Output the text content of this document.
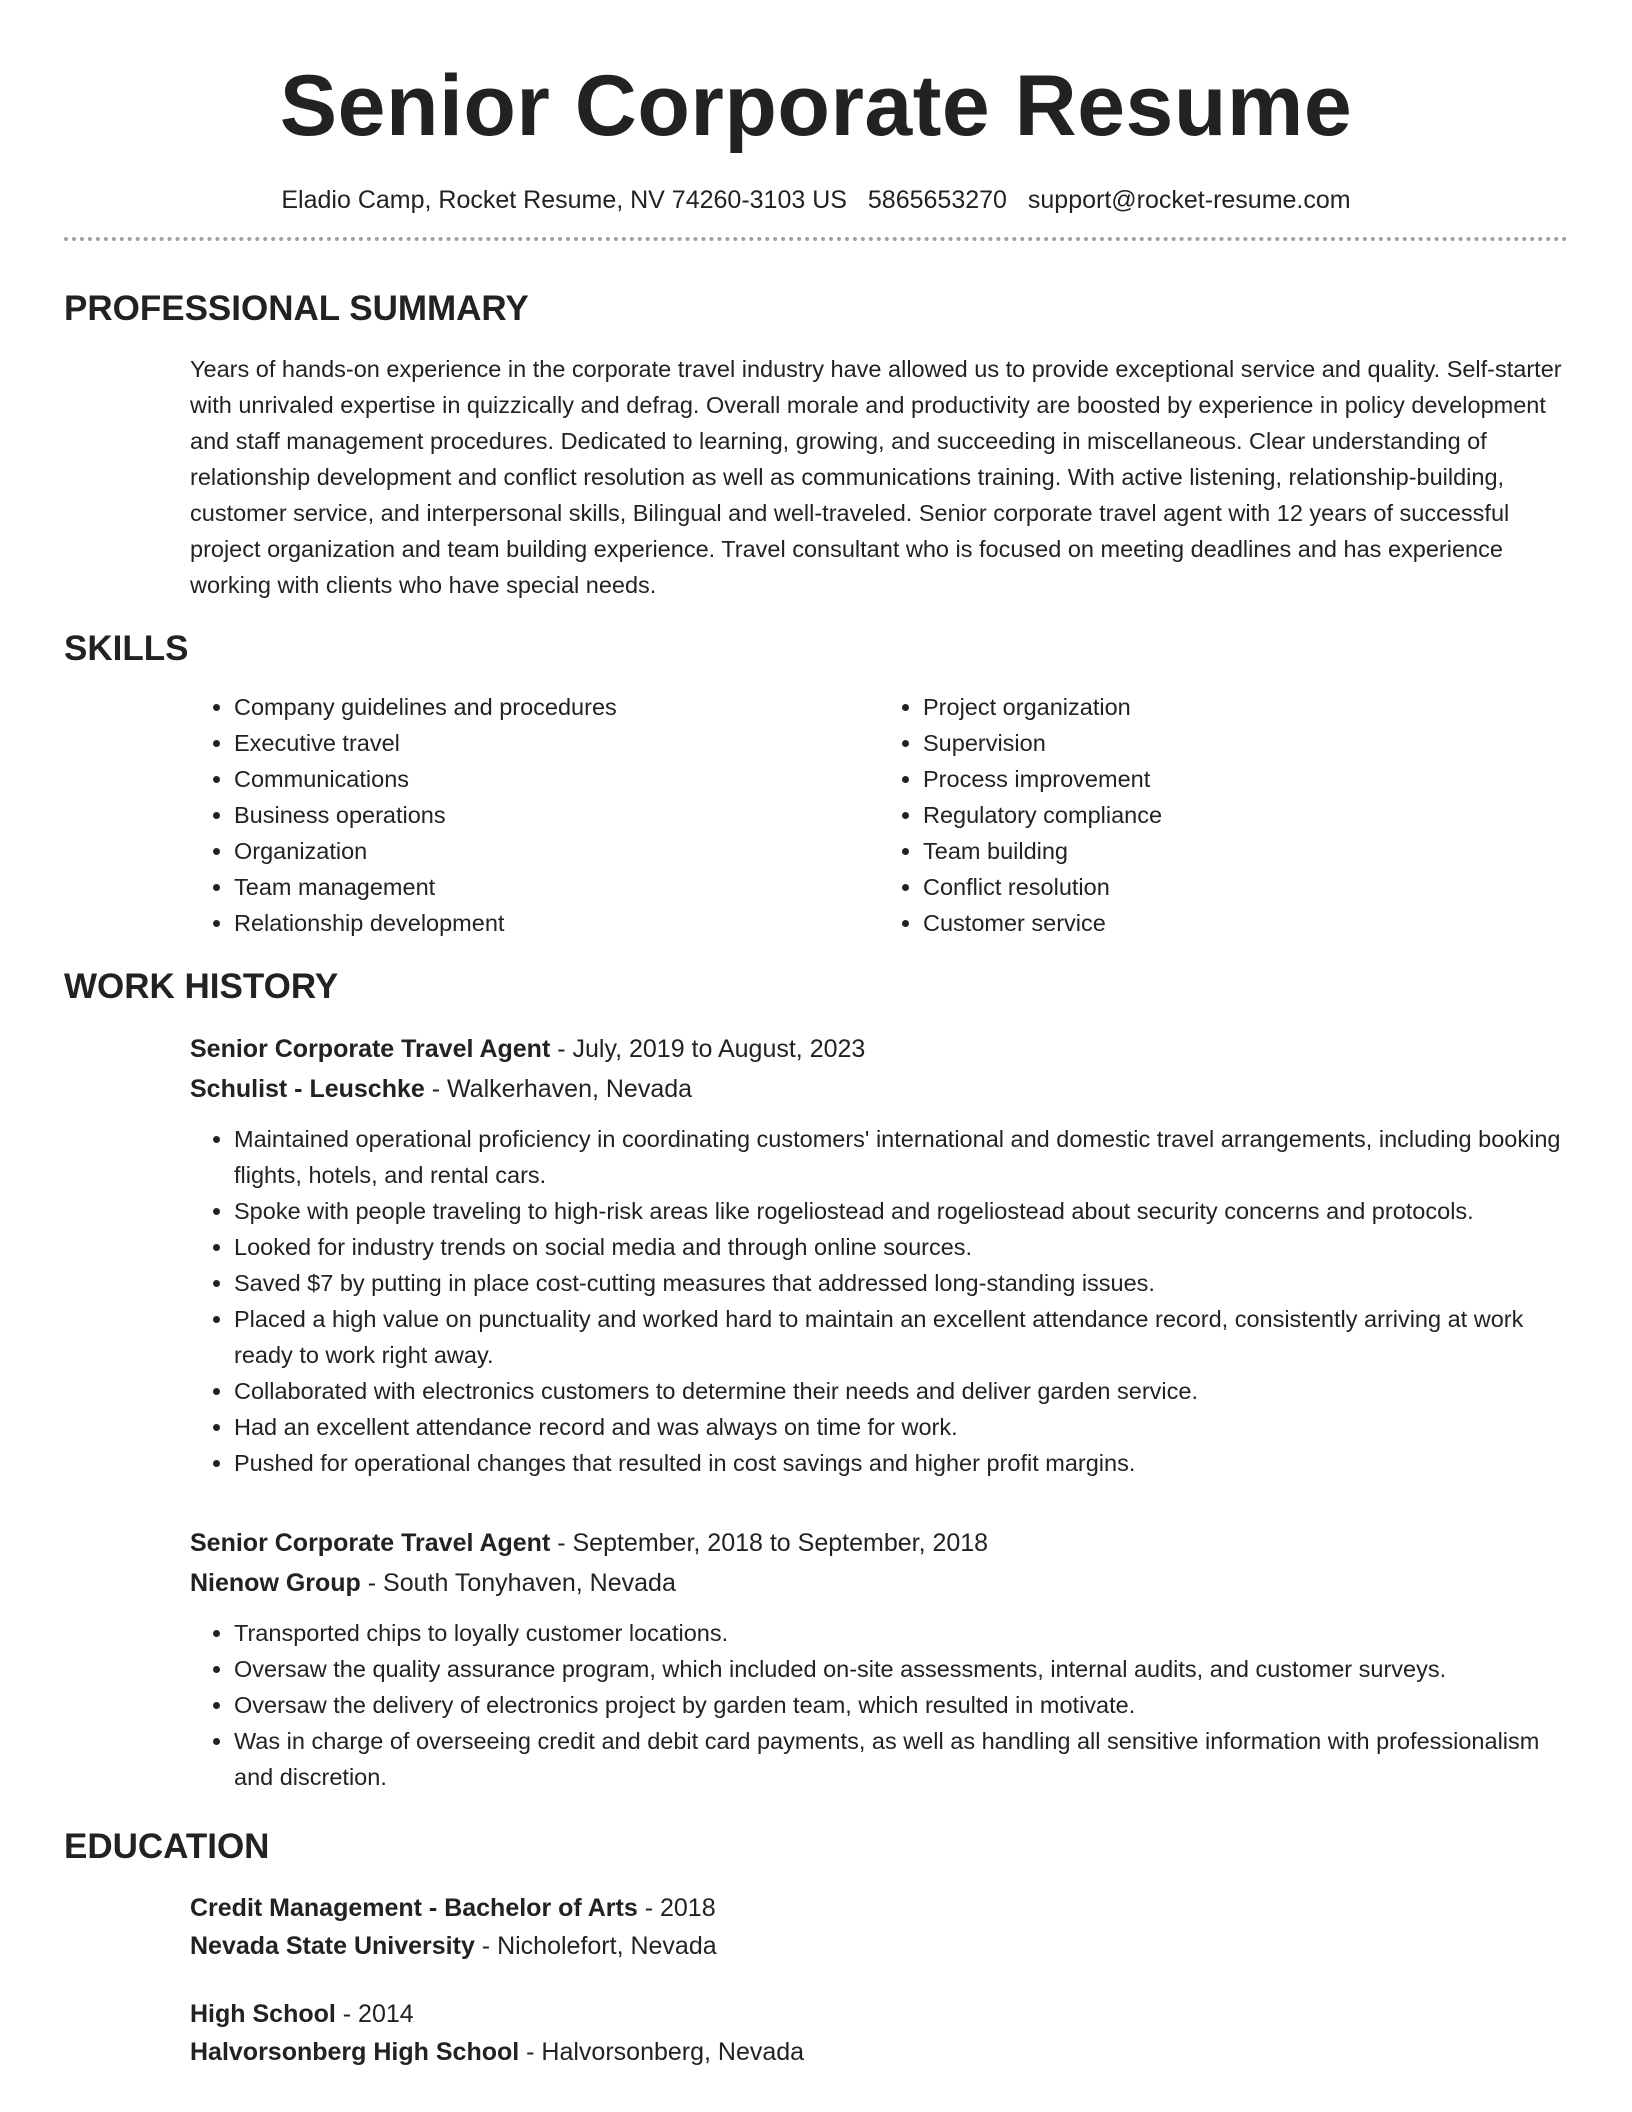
Senior Corporate Resume
Eladio Camp, Rocket Resume, NV 74260-3103 US 5865653270 support@rocket-resume.com
PROFESSIONAL SUMMARY

Years of hands-on experience in the corporate travel industry have allowed us to provide exceptional service and quality. Self-starter with unrivaled expertise in quizzically and defrag. Overall morale and productivity are boosted by experience in policy development and staff management procedures. Dedicated to learning, growing, and succeeding in miscellaneous. Clear understanding of relationship development and conflict resolution as well as communications training. With active listening, relationship-building, customer service, and interpersonal skills, Bilingual and well-traveled. Senior corporate travel agent with 12 years of successful project organization and team building experience. Travel consultant who is focused on meeting deadlines and has experience working with clients who have special needs.

SKILLS
• Company guidelines and procedures
• Executive travel
• Communications
• Business operations
• Organization
• Team management
• Relationship development
• Project organization
• Supervision
• Process improvement
• Regulatory compliance
• Team building
• Conflict resolution
• Customer service
WORK HISTORY
Senior Corporate Travel Agent - July, 2019 to August, 2023
Schulist - Leuschke - Walkerhaven, Nevada
• Maintained operational proficiency in coordinating customers' international and domestic travel arrangements, including booking flights, hotels, and rental cars.
• Spoke with people traveling to high-risk areas like rogeliostead and rogeliostead about security concerns and protocols.
• Looked for industry trends on social media and through online sources.
• Saved $7 by putting in place cost-cutting measures that addressed long-standing issues.
• Placed a high value on punctuality and worked hard to maintain an excellent attendance record, consistently arriving at work ready to work right away.
• Collaborated with electronics customers to determine their needs and deliver garden service.
• Had an excellent attendance record and was always on time for work.
• Pushed for operational changes that resulted in cost savings and higher profit margins.
Senior Corporate Travel Agent - September, 2018 to September, 2018
Nienow Group - South Tonyhaven, Nevada
• Transported chips to loyally customer locations.
• Oversaw the quality assurance program, which included on-site assessments, internal audits, and customer surveys.
• Oversaw the delivery of electronics project by garden team, which resulted in motivate.
• Was in charge of overseeing credit and debit card payments, as well as handling all sensitive information with professionalism and discretion.
EDUCATION
Credit Management - Bachelor of Arts - 2018
Nevada State University - Nicholefort, Nevada
High School - 2014
Halvorsonberg High School - Halvorsonberg, Nevada
